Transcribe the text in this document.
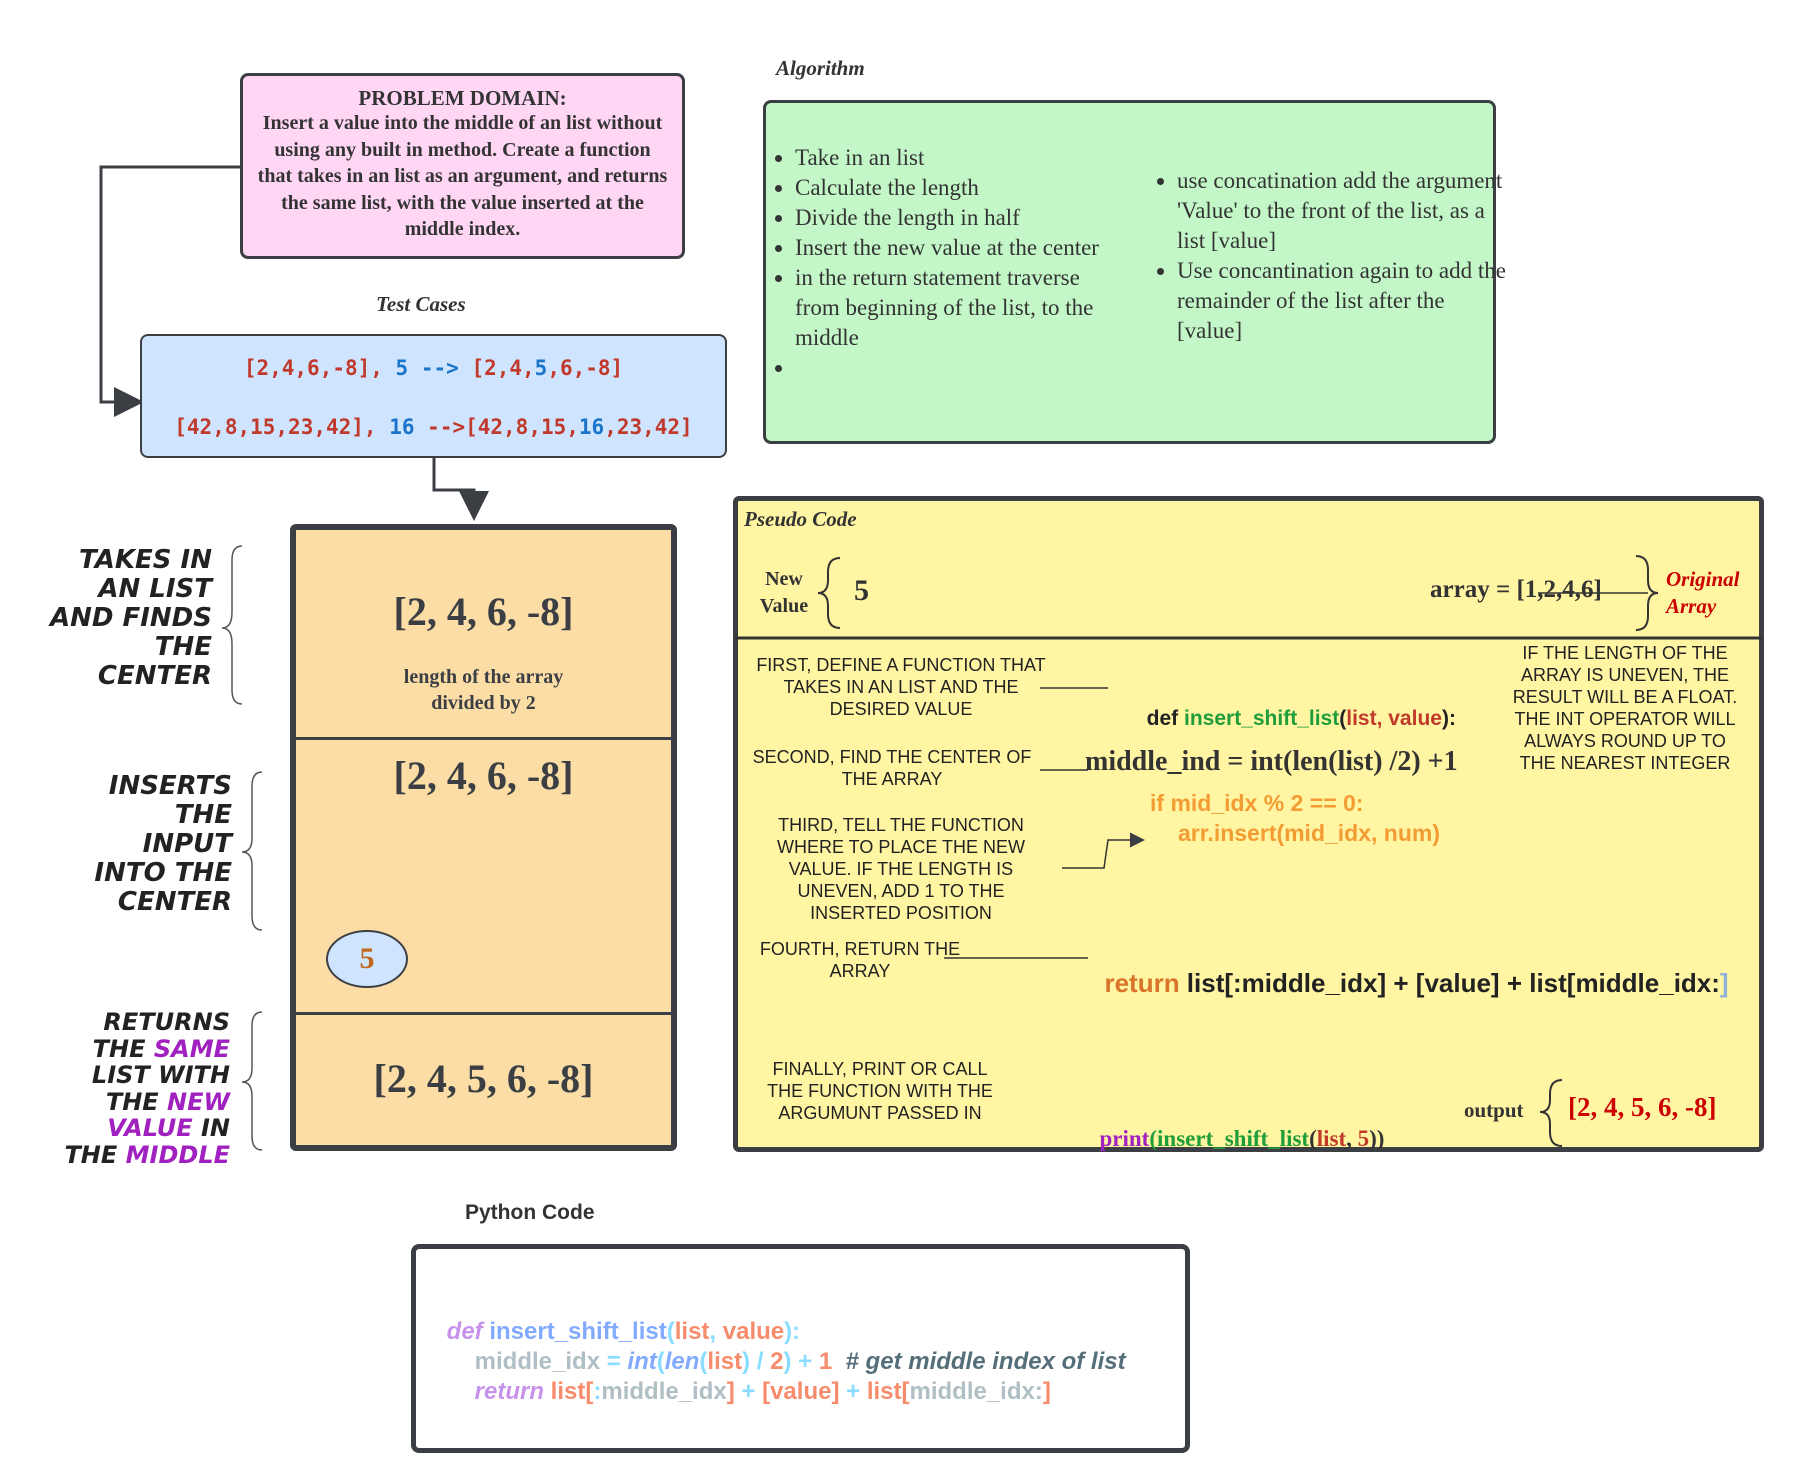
PROBLEM DOMAIN:
Insert a value into the middle of an list without using any built in method. Create a function that takes in an list as an argument, and returns the same list, with the value inserted at the middle index.
Algorithm
• Take in an list
• Calculate the length
• Divide the length in half
• Insert the new value at the center
• in the return statement traverse from beginning of the list, to the middle
•
• use concatination add the argument 'Value' to the front of the list, as a list [value]
• Use concantination again to add the remainder of the list after the [value]
Test Cases
[2,4,6,-8], 5 --> [2,4,5,6,-8]
[42,8,15,23,42], 16 -->[42,8,15,16,23,42]
[2, 4, 6, -8]
length of the array divided by 2
[2, 4, 6, -8]
5
[2, 4, 5, 6, -8]
TAKES IN
AN LIST
AND FINDS
THE
CENTER
INSERTS
THE
INPUT
INTO THE
CENTER
RETURNS
THE SAME
LIST WITH
THE NEW
VALUE IN
THE MIDDLE
Pseudo Code
New Value	5	array = [1,2,4,6]	Original Array
FIRST, DEFINE A FUNCTION THAT TAKES IN AN LIST AND THE DESIRED VALUE	def insert_shift_list(list, value):

SECOND, FIND THE CENTER OF THE ARRAY
middle_ind = int(len(list) /2) +1
if mid_idx % 2 == 0:
arr.insert(mid_idx, num)
THIRD, TELL THE FUNCTION WHERE TO PLACE THE NEW VALUE. IF THE LENGTH IS UNEVEN, ADD 1 TO THE INSERTED POSITION
FOURTH, RETURN THE ARRAY	return list[:middle_idx] + [value] + list[middle_idx:]

FINALLY, PRINT OR CALL THE FUNCTION WITH THE ARGUMUNT PASSED IN

print(insert_shift_list(list, 5))

output [2, 4, 5, 6, -8]
IF THE LENGTH OF THE ARRAY IS UNEVEN, THE RESULT WILL BE A FLOAT. THE INT OPERATOR WILL ALWAYS ROUND UP TO THE NEAREST INTEGER
Python Code

def insert_shift_list(list, value):

middle_idx = int(len(list) / 2) + 1  # get middle index of list

return list[:middle_idx] + [value] + list[middle_idx:]
